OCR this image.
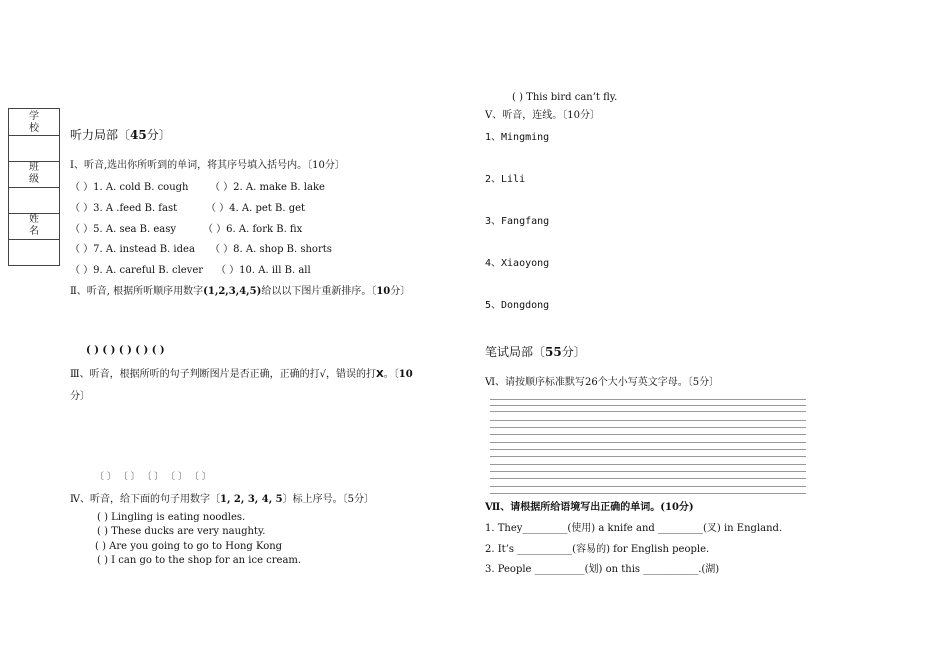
学校
班级
姓名
听力局部〔45分〕
Ⅰ、听音,选出你所听到的单词，将其序号填入括号内。〔10分〕
（ ）1. A. cold B. cough （ ）2. A. make B. lake
（ ）3. A .feed B. fast	（ ）4. A. pet B. get
（ ）5. A. sea B. easy	（ ）6. A. fork B. fix
（ ）7. A. instead B. idea （ ）8. A. shop B. shorts
（ ）9. A. careful B. clever （ ）10. A. ill B. all
Ⅱ、听音, 根据所听顺序用数字(1,2,3,4,5)给以以下图片重新排序。〔10分〕
( ) ( ) ( ) ( ) ( )
Ⅲ、听音，根据所听的句子判断图片是否正确，正确的打√，错误的打X。〔10
分〕
〔 〕 〔 〕 〔 〕 〔 〕 〔 〕
Ⅳ、听音，给下面的句子用数字〔1, 2, 3, 4, 5〕标上序号。〔5分〕
( ) Lingling is eating noodles.
( ) These ducks are very naughty.
( ) Are you going to go to Hong Kong
( ) I can go to the shop for an ice cream.
( ) This bird can’t fly.
Ⅴ、听音，连线。〔10分〕
1、Mingming
2、Lili
3、Fangfang
4、Xiaoyong
5、Dongdong
笔试局部〔55分〕
Ⅵ、请按顺序标准默写26个大小写英文字母。〔5分〕
Ⅶ、请根据所给语境写出正确的单词。(10分)
1. They_________(使用) a knife and _________(叉) in England.
2. It’s ___________(容易的) for English people.
3. People __________(划) on this ___________.(湖)
